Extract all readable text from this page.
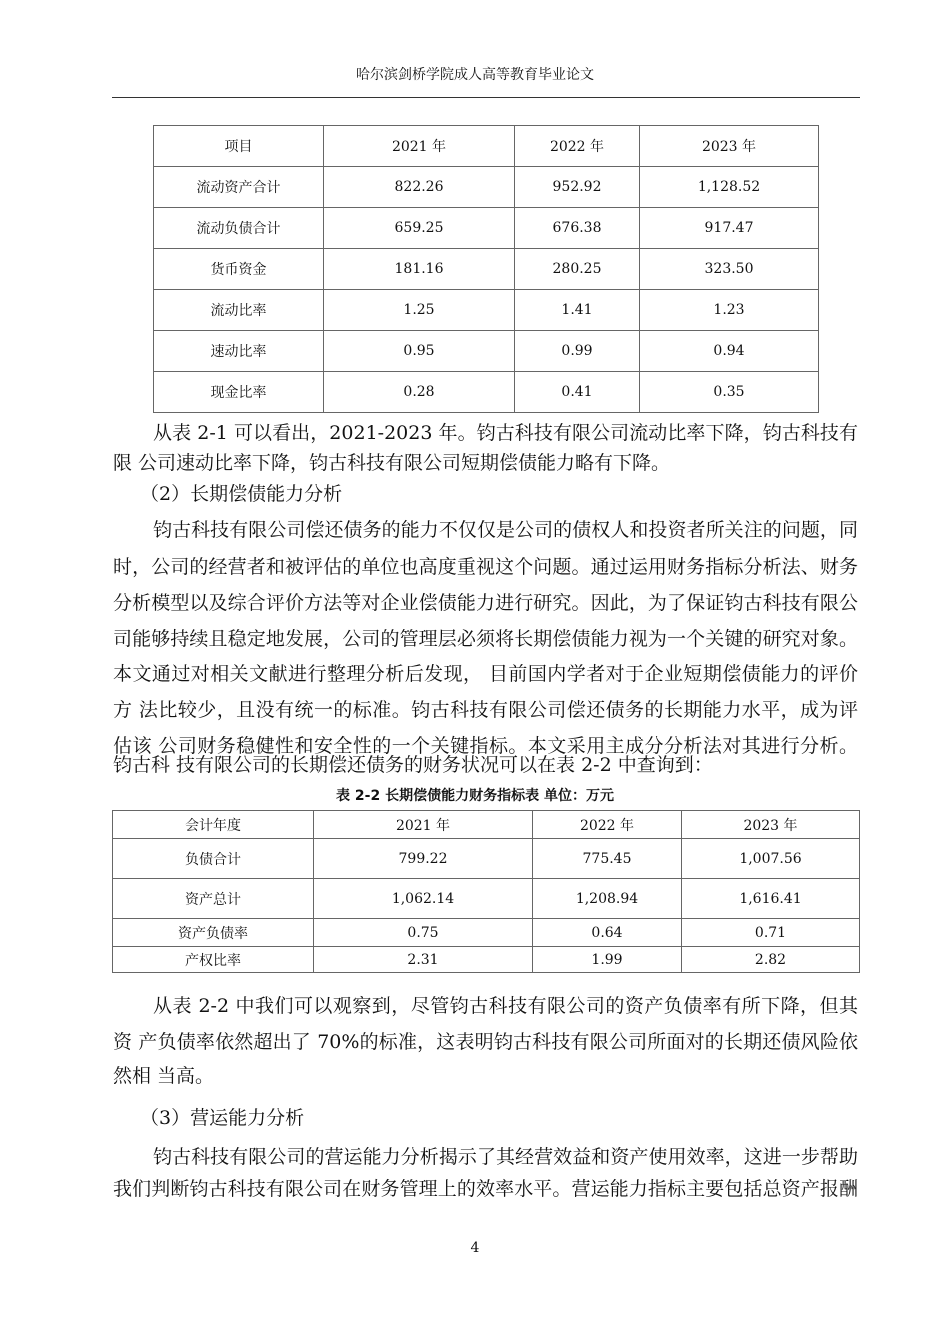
哈尔滨剑桥学院成人高等教育毕业论文
项目	2021 年	2022 年	2023 年
流动资产合计	822.26	952.92	1,128.52
流动负债合计	659.25	676.38	917.47
货币资金	181.16	280.25	323.50
流动比率	1.25	1.41	1.23
速动比率	0.95	0.99	0.94
现金比率	0.28	0.41	0.35
从表 2-1 可以看出，2021-2023 年。钧古科技有限公司流动比率下降，钧古科技有
限 公司速动比率下降，钧古科技有限公司短期偿债能力略有下降。
（2）长期偿债能力分析
钧古科技有限公司偿还债务的能力不仅仅是公司的债权人和投资者所关注的问题，同
时，公司的经营者和被评估的单位也高度重视这个问题。通过运用财务指标分析法、财务
分析模型以及综合评价方法等对企业偿债能力进行研究。因此，为了保证钧古科技有限公
司能够持续且稳定地发展，公司的管理层必须将长期偿债能力视为一个关键的研究对象。
本文通过对相关文献进行整理分析后发现， 目前国内学者对于企业短期偿债能力的评价
方 法比较少，且没有统一的标准。钧古科技有限公司偿还债务的长期能力水平，成为评
估该 公司财务稳健性和安全性的一个关键指标。本文采用主成分分析法对其进行分析。
钧古科 技有限公司的长期偿还债务的财务状况可以在表 2-2 中查询到：
表 2-2 长期偿债能力财务指标表 单位：万元
会计年度	2021 年	2022 年	2023 年
负债合计	799.22	775.45	1,007.56
资产总计	1,062.14	1,208.94	1,616.41
资产负债率	0.75	0.64	0.71
产权比率	2.31	1.99	2.82
从表 2-2 中我们可以观察到，尽管钧古科技有限公司的资产负债率有所下降，但其
资 产负债率依然超出了 70%的标准，这表明钧古科技有限公司所面对的长期还债风险依
然相 当高。
（3）营运能力分析
钧古科技有限公司的营运能力分析揭示了其经营效益和资产使用效率，这进一步帮助
我们判断钧古科技有限公司在财务管理上的效率水平。营运能力指标主要包括总资产报酬
4
